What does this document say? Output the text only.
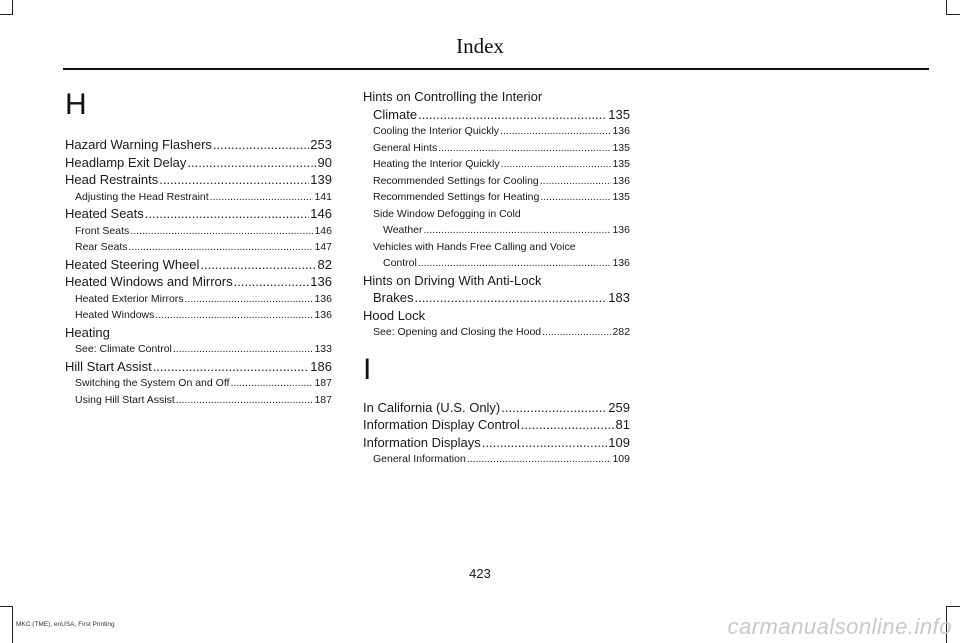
Index
H
Hazard Warning Flashers .....	253
Headlamp Exit Delay .....	90
Head Restraints .....	139
Adjusting the Head Restraint .....	141
Heated Seats .....	146
Front Seats .....	146
Rear Seats .....	147
Heated Steering Wheel .....	82
Heated Windows and Mirrors .....	136
Heated Exterior Mirrors .....	136
Heated Windows .....	136
Heating
See: Climate Control .....	133
Hill Start Assist .....	186
Switching the System On and Off .....	187
Using Hill Start Assist .....	187
Hints on Controlling the Interior
Climate .....	135
Cooling the Interior Quickly .....	136
General Hints .....	135
Heating the Interior Quickly .....	135
Recommended Settings for Cooling .....	136
Recommended Settings for Heating .....	135
Side Window Defogging in Cold
Weather .....	136
Vehicles with Hands Free Calling and Voice
Control .....	136
Hints on Driving With Anti-Lock
Brakes .....	183
Hood Lock
See: Opening and Closing the Hood .....	282
I
In California (U.S. Only) .....	259
Information Display Control .....	81
Information Displays .....	109
General Information .....	109
423
MKC (TME), enUSA, First Printing	carmanualsonline.info
